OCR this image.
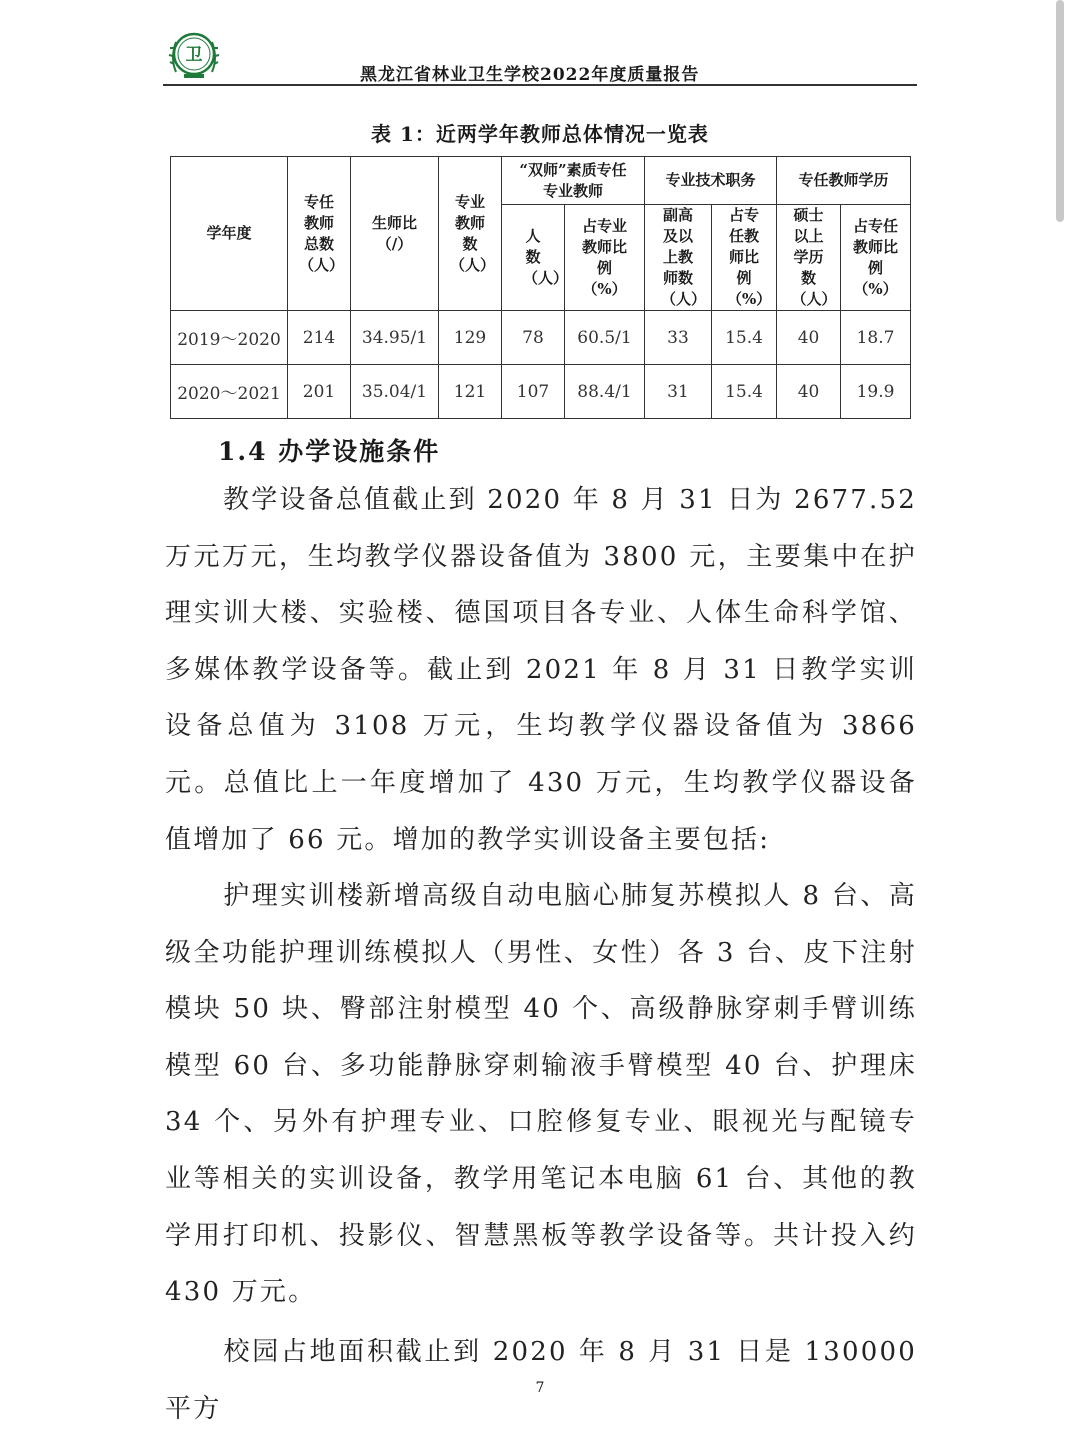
卫
黑龙江省林业卫生学校2022年度质量报告
表 1：近两学年教师总体情况一览表
学年度	专任教师总数（人）	生师比（/）	专业教师数（人）	“双师”素质专任专业教师		专业技术职务		专任教师学历	
				人数（人）	占专业教师比例（%）	副高及以上教师数（人）	占专任教师比例（%）	硕士以上学历数（人）	占专任教师比例（%）
2019～2020	214	34.95/1	129	78	60.5/1	33	15.4	40	18.7
2020～2021	201	35.04/1	121	107	88.4/1	31	15.4	40	19.9
1.4 办学设施条件
教学设备总值截止到 2020 年 8 月 31 日为 2677.52 万元万元，生均教学仪器设备值为 3800 元，主要集中在护理实训大楼、实验楼、德国项目各专业、人体生命科学馆、多媒体教学设备等。截止到 2021 年 8 月 31 日教学实训设备总值为 3108 万元，生均教学仪器设备值为 3866 元。总值比上一年度增加了 430 万元，生均教学仪器设备值增加了 66 元。增加的教学实训设备主要包括:
护理实训楼新增高级自动电脑心肺复苏模拟人 8 台、高级全功能护理训练模拟人（男性、女性）各 3 台、皮下注射模块 50 块、臀部注射模型 40 个、高级静脉穿刺手臂训练模型 60 台、多功能静脉穿刺输液手臂模型 40 台、护理床 34 个、另外有护理专业、口腔修复专业、眼视光与配镜专业等相关的实训设备，教学用笔记本电脑 61 台、其他的教学用打印机、投影仪、智慧黑板等教学设备等。共计投入约 430 万元。
校园占地面积截止到 2020 年 8 月 31 日是 130000 平方
7
